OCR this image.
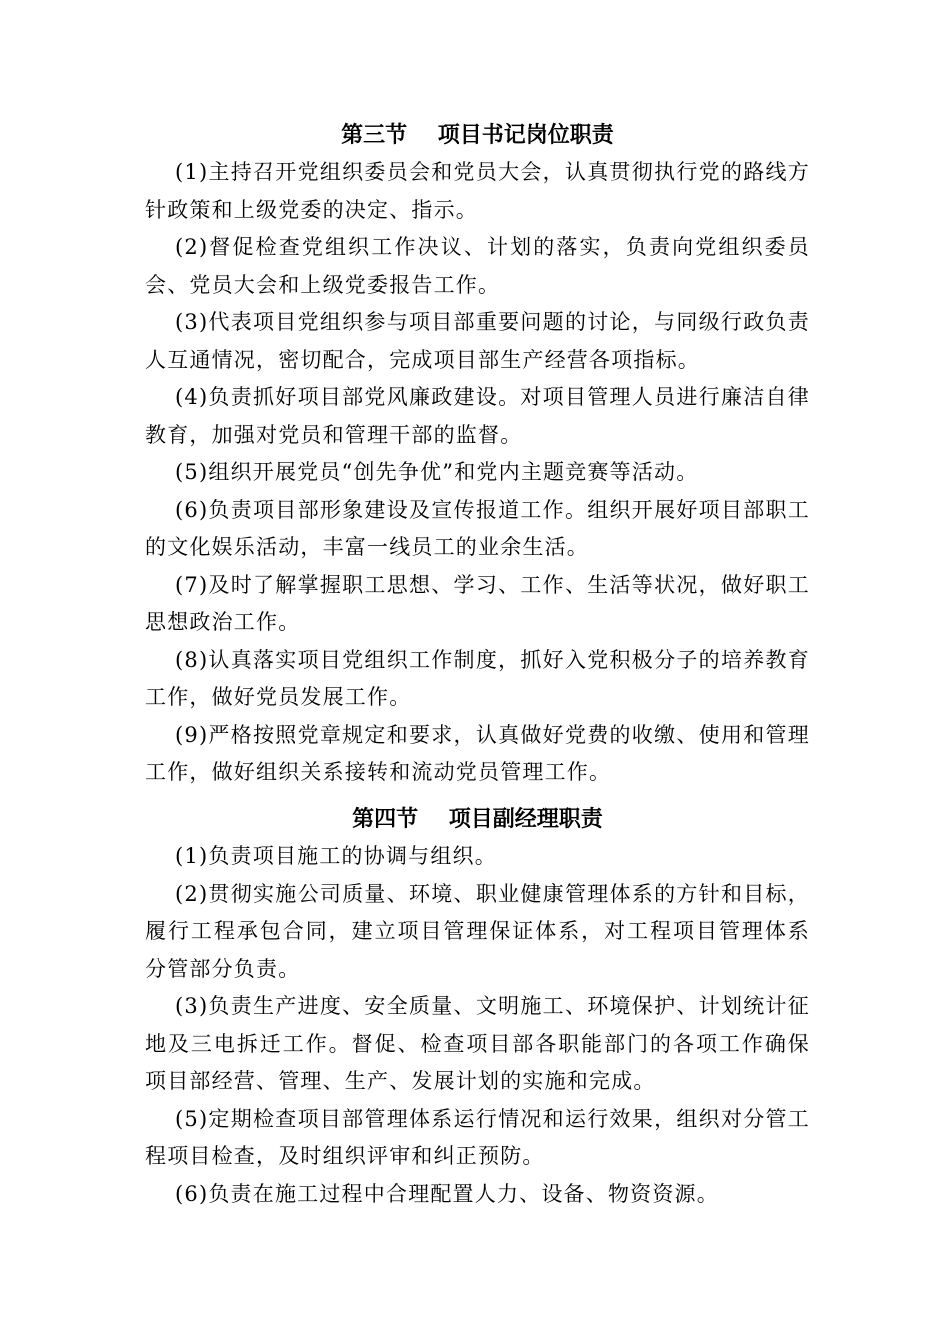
第三节    项目书记岗位职责

(1)主持召开党组织委员会和党员大会，认真贯彻执行党的路线方针政策和上级党委的决定、指示。

(2)督促检查党组织工作决议、计划的落实，负责向党组织委员会、党员大会和上级党委报告工作。

(3)代表项目党组织参与项目部重要问题的讨论，与同级行政负责人互通情况，密切配合，完成项目部生产经营各项指标。

(4)负责抓好项目部党风廉政建设。对项目管理人员进行廉洁自律教育，加强对党员和管理干部的监督。

(5)组织开展党员“创先争优”和党内主题竞赛等活动。

(6)负责项目部形象建设及宣传报道工作。组织开展好项目部职工的文化娱乐活动，丰富一线员工的业余生活。

(7)及时了解掌握职工思想、学习、工作、生活等状况，做好职工思想政治工作。

(8)认真落实项目党组织工作制度，抓好入党积极分子的培养教育工作，做好党员发展工作。

(9)严格按照党章规定和要求，认真做好党费的收缴、使用和管理工作，做好组织关系接转和流动党员管理工作。

第四节    项目副经理职责

(1)负责项目施工的协调与组织。

(2)贯彻实施公司质量、环境、职业健康管理体系的方针和目标，履行工程承包合同，建立项目管理保证体系，对工程项目管理体系分管部分负责。

(3)负责生产进度、安全质量、文明施工、环境保护、计划统计征地及三电拆迁工作。督促、检查项目部各职能部门的各项工作确保项目部经营、管理、生产、发展计划的实施和完成。

(5)定期检查项目部管理体系运行情况和运行效果，组织对分管工程项目检查，及时组织评审和纠正预防。

(6)负责在施工过程中合理配置人力、设备、物资资源。
